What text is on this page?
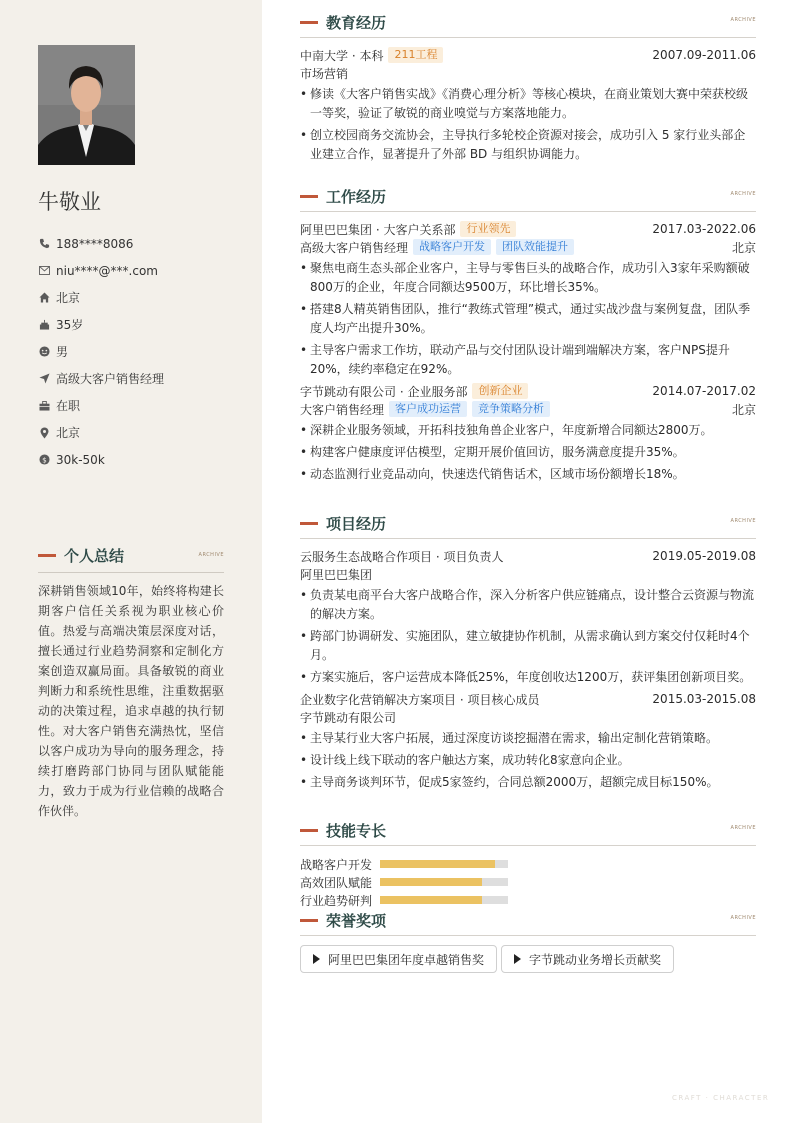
牛敬业
188****8086
niu****@***.com
北京
35岁
男
高级大客户销售经理
在职
北京
$ 30k-50k
个人总结	ARCHIVE
深耕销售领域10年，始终将构建长期客户信任关系视为职业核心价值。热爱与高端决策层深度对话，擅长通过行业趋势洞察和定制化方案创造双赢局面。具备敏锐的商业判断力和系统性思维，注重数据驱动的决策过程，追求卓越的执行韧性。对大客户销售充满热忱，坚信以客户成功为导向的服务理念，持续打磨跨部门协同与团队赋能能力，致力于成为行业信赖的战略合作伙伴。
教育经历	ARCHIVE
中南大学 · 本科	211工程	2007.09-2011.06
市场营销
• 修读《大客户销售实战》《消费心理分析》等核心模块，在商业策划大赛中荣获校级一等奖，验证了敏锐的商业嗅觉与方案落地能力。
• 创立校园商务交流协会，主导执行多轮校企资源对接会，成功引入 5 家行业头部企业建立合作，显著提升了外部 BD 与组织协调能力。
工作经历	ARCHIVE
阿里巴巴集团 · 大客户关系部	行业领先	2017.03-2022.06
高级大客户销售经理	战略客户开发	团队效能提升	北京
• 聚焦电商生态头部企业客户，主导与零售巨头的战略合作，成功引入3家年采购额破800万的企业，年度合同额达9500万，环比增长35%。
• 搭建8人精英销售团队，推行“教练式管理”模式，通过实战沙盘与案例复盘，团队季度人均产出提升30%。
• 主导客户需求工作坊，联动产品与交付团队设计端到端解决方案，客户NPS提升20%，续约率稳定在92%。
字节跳动有限公司 · 企业服务部	创新企业	2014.07-2017.02
大客户销售经理	客户成功运营	竞争策略分析	北京
• 深耕企业服务领域，开拓科技独角兽企业客户，年度新增合同额达2800万。
• 构建客户健康度评估模型，定期开展价值回访，服务满意度提升35%。
• 动态监测行业竞品动向，快速迭代销售话术，区域市场份额增长18%。
项目经历	ARCHIVE
云服务生态战略合作项目 · 项目负责人	2019.05-2019.08
阿里巴巴集团
• 负责某电商平台大客户战略合作，深入分析客户供应链痛点，设计整合云资源与物流的解决方案。
• 跨部门协调研发、实施团队，建立敏捷协作机制，从需求确认到方案交付仅耗时4个月。
• 方案实施后，客户运营成本降低25%，年度创收达1200万，获评集团创新项目奖。
企业数字化营销解决方案项目 · 项目核心成员	2015.03-2015.08
字节跳动有限公司
• 主导某行业大客户拓展，通过深度访谈挖掘潜在需求，输出定制化营销策略。
• 设计线上线下联动的客户触达方案，成功转化8家意向企业。
• 主导商务谈判环节，促成5家签约，合同总额2000万，超额完成目标150%。
技能专长	ARCHIVE
战略客户开发
高效团队赋能
行业趋势研判
荣誉奖项	ARCHIVE
阿里巴巴集团年度卓越销售奖	字节跳动业务增长贡献奖
CRAFT · CHARACTER
